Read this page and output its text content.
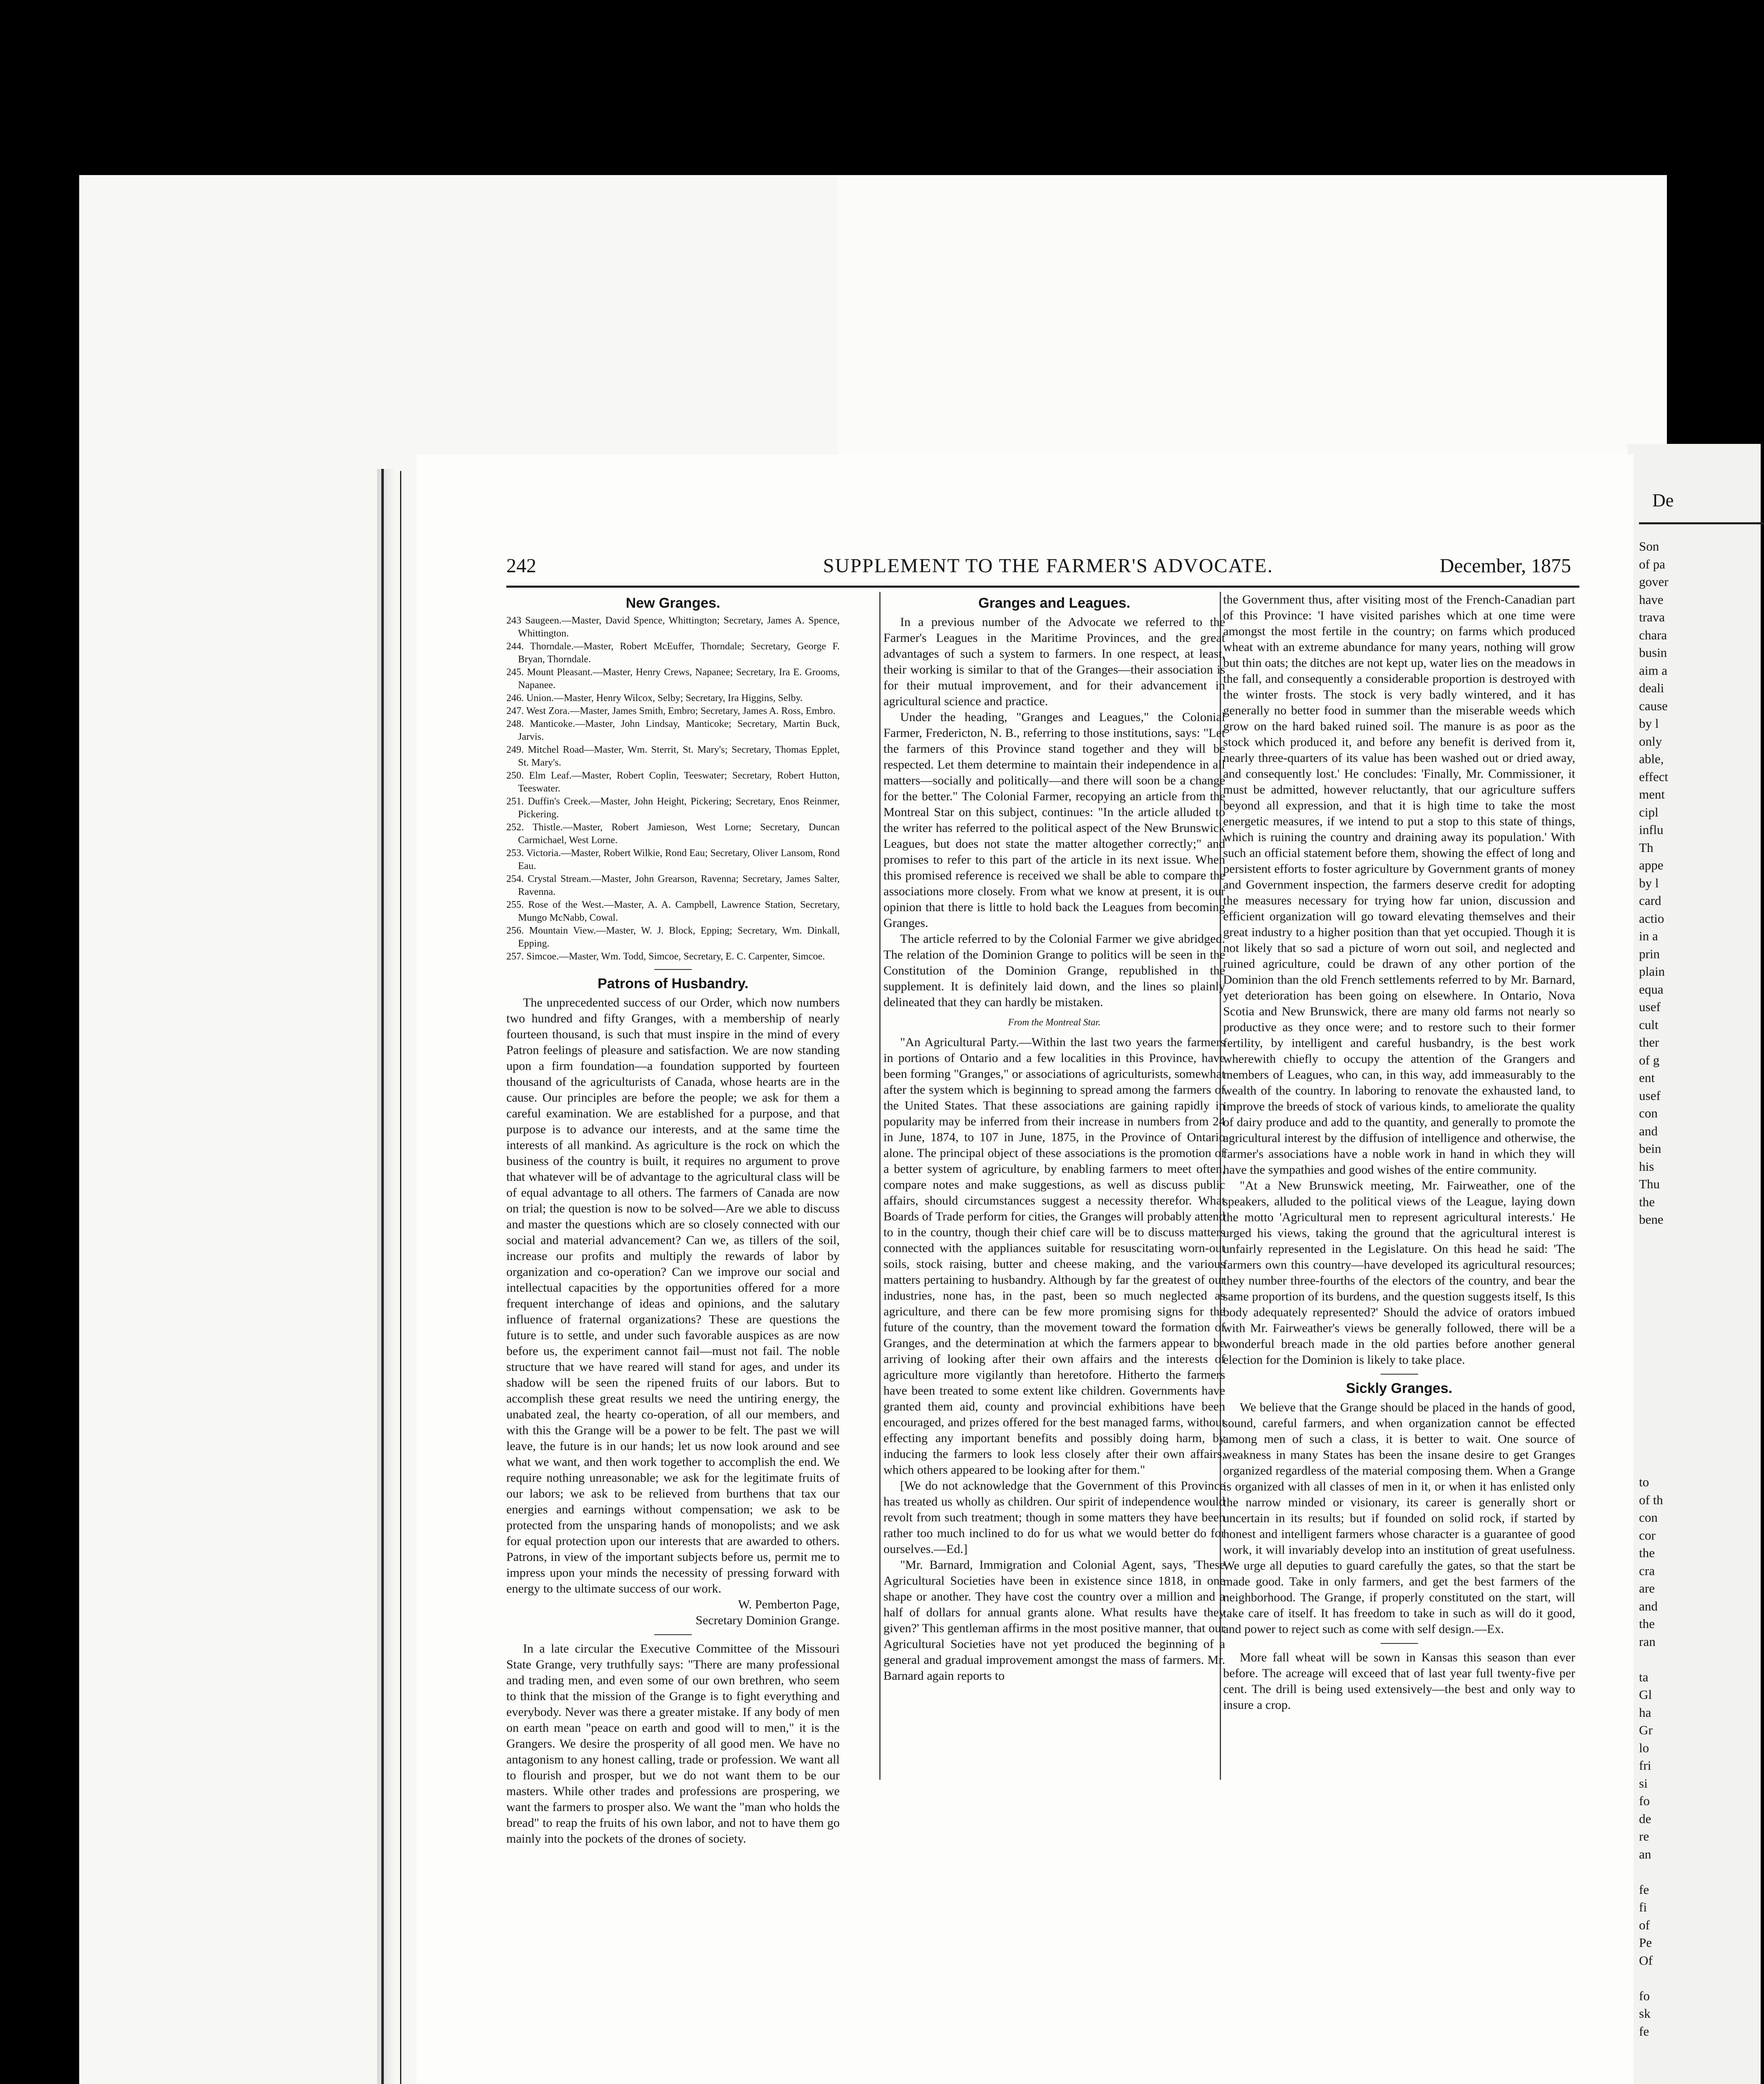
De
Son
of pa
gover
have
trava
chara
busin
aim a
deali
cause
by l
only
able,
effect
ment
cipl
influ
Th
appe
by l
card
actio
in a
prin
plain
equa
usef
cult
ther
of g
ent
usef
con
and
bein
his
Thu
the
bene
to
of th
con
cor
the
cra
are
and
the
ran

ta
Gl
ha
Gr
lo
fri
si
fo
de
re
an

fe
fi
of
Pe
Of

fo
sk
fe
242	SUPPLEMENT TO THE FARMER'S ADVOCATE.	December, 1875
New Granges.
243 Saugeen.—Master, David Spence, Whittington; Secretary, James A. Spence, Whittington.
244. Thorndale.—Master, Robert McEuffer, Thorndale; Secretary, George F. Bryan, Thorndale.
245. Mount Pleasant.—Master, Henry Crews, Napanee; Secretary, Ira E. Grooms, Napanee.
246. Union.—Master, Henry Wilcox, Selby; Secretary, Ira Higgins, Selby.
247. West Zora.—Master, James Smith, Embro; Secretary, James A. Ross, Embro.
248. Manticoke.—Master, John Lindsay, Manticoke; Secretary, Martin Buck, Jarvis.
249. Mitchel Road—Master, Wm. Sterrit, St. Mary's; Secretary, Thomas Epplet, St. Mary's.
250. Elm Leaf.—Master, Robert Coplin, Teeswater; Secretary, Robert Hutton, Teeswater.
251. Duffin's Creek.—Master, John Height, Pickering; Secretary, Enos Reinmer, Pickering.
252. Thistle.—Master, Robert Jamieson, West Lorne; Secretary, Duncan Carmichael, West Lorne.
253. Victoria.—Master, Robert Wilkie, Rond Eau; Secretary, Oliver Lansom, Rond Eau.
254. Crystal Stream.—Master, John Grearson, Ravenna; Secretary, James Salter, Ravenna.
255. Rose of the West.—Master, A. A. Campbell, Lawrence Station, Secretary, Mungo McNabb, Cowal.
256. Mountain View.—Master, W. J. Block, Epping; Secretary, Wm. Dinkall, Epping.
257. Simcoe.—Master, Wm. Todd, Simcoe, Secretary, E. C. Carpenter, Simcoe.
Patrons of Husbandry.

The unprecedented success of our Order, which now numbers two hundred and fifty Granges, with a membership of nearly fourteen thousand, is such that must inspire in the mind of every Patron feelings of pleasure and satisfaction. We are now standing upon a firm foundation—a foundation supported by fourteen thousand of the agriculturists of Canada, whose hearts are in the cause. Our principles are before the people; we ask for them a careful examination. We are established for a purpose, and that purpose is to advance our interests, and at the same time the interests of all mankind. As agriculture is the rock on which the business of the country is built, it requires no argument to prove that whatever will be of advantage to the agricultural class will be of equal advantage to all others. The farmers of Canada are now on trial; the question is now to be solved—Are we able to discuss and master the questions which are so closely connected with our social and material advancement? Can we, as tillers of the soil, increase our profits and multiply the rewards of labor by organization and co-operation? Can we improve our social and intellectual capacities by the opportunities offered for a more frequent interchange of ideas and opinions, and the salutary influence of fraternal organizations? These are questions the future is to settle, and under such favorable auspices as are now before us, the experiment cannot fail—must not fail. The noble structure that we have reared will stand for ages, and under its shadow will be seen the ripened fruits of our labors. But to accomplish these great results we need the untiring energy, the unabated zeal, the hearty co-operation, of all our members, and with this the Grange will be a power to be felt. The past we will leave, the future is in our hands; let us now look around and see what we want, and then work together to accomplish the end. We require nothing unreasonable; we ask for the legitimate fruits of our labors; we ask to be relieved from burthens that tax our energies and earnings without compensation; we ask to be protected from the unsparing hands of monopolists; and we ask for equal protection upon our interests that are awarded to others. Patrons, in view of the important subjects before us, permit me to impress upon your minds the necessity of pressing forward with energy to the ultimate success of our work.

W. Pemberton Page,

Secretary Dominion Grange.

In a late circular the Executive Committee of the Missouri State Grange, very truthfully says: "There are many professional and trading men, and even some of our own brethren, who seem to think that the mission of the Grange is to fight everything and everybody. Never was there a greater mistake. If any body of men on earth mean "peace on earth and good will to men," it is the Grangers. We desire the prosperity of all good men. We have no antagonism to any honest calling, trade or profession. We want all to flourish and prosper, but we do not want them to be our masters. While other trades and professions are prospering, we want the farmers to prosper also. We want the "man who holds the bread" to reap the fruits of his own labor, and not to have them go mainly into the pockets of the drones of society.

Granges and Leagues.

In a previous number of the Advocate we referred to the Farmer's Leagues in the Maritime Provinces, and the great advantages of such a system to farmers. In one respect, at least, their working is similar to that of the Granges—their association is for their mutual improvement, and for their advancement in agricultural science and practice.

Under the heading, "Granges and Leagues," the Colonial Farmer, Fredericton, N. B., referring to those institutions, says: "Let the farmers of this Province stand together and they will be respected. Let them determine to maintain their independence in all matters—socially and politically—and there will soon be a change for the better." The Colonial Farmer, recopying an article from the Montreal Star on this subject, continues: "In the article alluded to the writer has referred to the political aspect of the New Brunswick Leagues, but does not state the matter altogether correctly;" and promises to refer to this part of the article in its next issue. When this promised reference is received we shall be able to compare the associations more closely. From what we know at present, it is our opinion that there is little to hold back the Leagues from becoming Granges.

The article referred to by the Colonial Farmer we give abridged. The relation of the Dominion Grange to politics will be seen in the Constitution of the Dominion Grange, republished in the supplement. It is definitely laid down, and the lines so plainly delineated that they can hardly be mistaken.

From the Montreal Star.

"An Agricultural Party.—Within the last two years the farmers in portions of Ontario and a few localities in this Province, have been forming "Granges," or associations of agriculturists, somewhat after the system which is beginning to spread among the farmers of the United States. That these associations are gaining rapidly in popularity may be inferred from their increase in numbers from 24 in June, 1874, to 107 in June, 1875, in the Province of Ontario alone. The principal object of these associations is the promotion of a better system of agriculture, by enabling farmers to meet often, compare notes and make suggestions, as well as discuss public affairs, should circumstances suggest a necessity therefor. What Boards of Trade perform for cities, the Granges will probably attend to in the country, though their chief care will be to discuss matters connected with the appliances suitable for resuscitating worn-out soils, stock raising, butter and cheese making, and the various matters pertaining to husbandry. Although by far the greatest of our industries, none has, in the past, been so much neglected as agriculture, and there can be few more promising signs for the future of the country, than the movement toward the formation of Granges, and the determination at which the farmers appear to be arriving of looking after their own affairs and the interests of agriculture more vigilantly than heretofore. Hitherto the farmers have been treated to some extent like children. Governments have granted them aid, county and provincial exhibitions have been encouraged, and prizes offered for the best managed farms, without effecting any important benefits and possibly doing harm, by inducing the farmers to look less closely after their own affairs, which others appeared to be looking after for them."

[We do not acknowledge that the Government of this Province has treated us wholly as children. Our spirit of independence would revolt from such treatment; though in some matters they have been rather too much inclined to do for us what we would better do for ourselves.—Ed.]

"Mr. Barnard, Immigration and Colonial Agent, says, 'These Agricultural Societies have been in existence since 1818, in one shape or another. They have cost the country over a million and a half of dollars for annual grants alone. What results have they given?' This gentleman affirms in the most positive manner, that our Agricultural Societies have not yet produced the beginning of a general and gradual improvement amongst the mass of farmers. Mr. Barnard again reports to

the Government thus, after visiting most of the French-Canadian part of this Province: 'I have visited parishes which at one time were amongst the most fertile in the country; on farms which produced wheat with an extreme abundance for many years, nothing will grow but thin oats; the ditches are not kept up, water lies on the meadows in the fall, and consequently a considerable proportion is destroyed with the winter frosts. The stock is very badly wintered, and it has generally no better food in summer than the miserable weeds which grow on the hard baked ruined soil. The manure is as poor as the stock which produced it, and before any benefit is derived from it, nearly three-quarters of its value has been washed out or dried away, and consequently lost.' He concludes: 'Finally, Mr. Commissioner, it must be admitted, however reluctantly, that our agriculture suffers beyond all expression, and that it is high time to take the most energetic measures, if we intend to put a stop to this state of things, which is ruining the country and draining away its population.' With such an official statement before them, showing the effect of long and persistent efforts to foster agriculture by Government grants of money and Government inspection, the farmers deserve credit for adopting the measures necessary for trying how far union, discussion and efficient organization will go toward elevating themselves and their great industry to a higher position than that yet occupied. Though it is not likely that so sad a picture of worn out soil, and neglected and ruined agriculture, could be drawn of any other portion of the Dominion than the old French settlements referred to by Mr. Barnard, yet deterioration has been going on elsewhere. In Ontario, Nova Scotia and New Brunswick, there are many old farms not nearly so productive as they once were; and to restore such to their former fertility, by intelligent and careful husbandry, is the best work wherewith chiefly to occupy the attention of the Grangers and members of Leagues, who can, in this way, add immeasurably to the wealth of the country. In laboring to renovate the exhausted land, to improve the breeds of stock of various kinds, to ameliorate the quality of dairy produce and add to the quantity, and generally to promote the agricultural interest by the diffusion of intelligence and otherwise, the farmer's associations have a noble work in hand in which they will have the sympathies and good wishes of the entire community.

"At a New Brunswick meeting, Mr. Fairweather, one of the speakers, alluded to the political views of the League, laying down the motto 'Agricultural men to represent agricultural interests.' He urged his views, taking the ground that the agricultural interest is unfairly represented in the Legislature. On this head he said: 'The farmers own this country—have developed its agricultural resources; they number three-fourths of the electors of the country, and bear the same proportion of its burdens, and the question suggests itself, Is this body adequately represented?' Should the advice of orators imbued with Mr. Fairweather's views be generally followed, there will be a wonderful breach made in the old parties before another general election for the Dominion is likely to take place.

Sickly Granges.

We believe that the Grange should be placed in the hands of good, sound, careful farmers, and when organization cannot be effected among men of such a class, it is better to wait. One source of weakness in many States has been the insane desire to get Granges organized regardless of the material composing them. When a Grange is organized with all classes of men in it, or when it has enlisted only the narrow minded or visionary, its career is generally short or uncertain in its results; but if founded on solid rock, if started by honest and intelligent farmers whose character is a guarantee of good work, it will invariably develop into an institution of great usefulness. We urge all deputies to guard carefully the gates, so that the start be made good. Take in only farmers, and get the best farmers of the neighborhood. The Grange, if properly constituted on the start, will take care of itself. It has freedom to take in such as will do it good, and power to reject such as come with self design.—Ex.

More fall wheat will be sown in Kansas this season than ever before. The acreage will exceed that of last year full twenty-five per cent. The drill is being used extensively—the best and only way to insure a crop.
